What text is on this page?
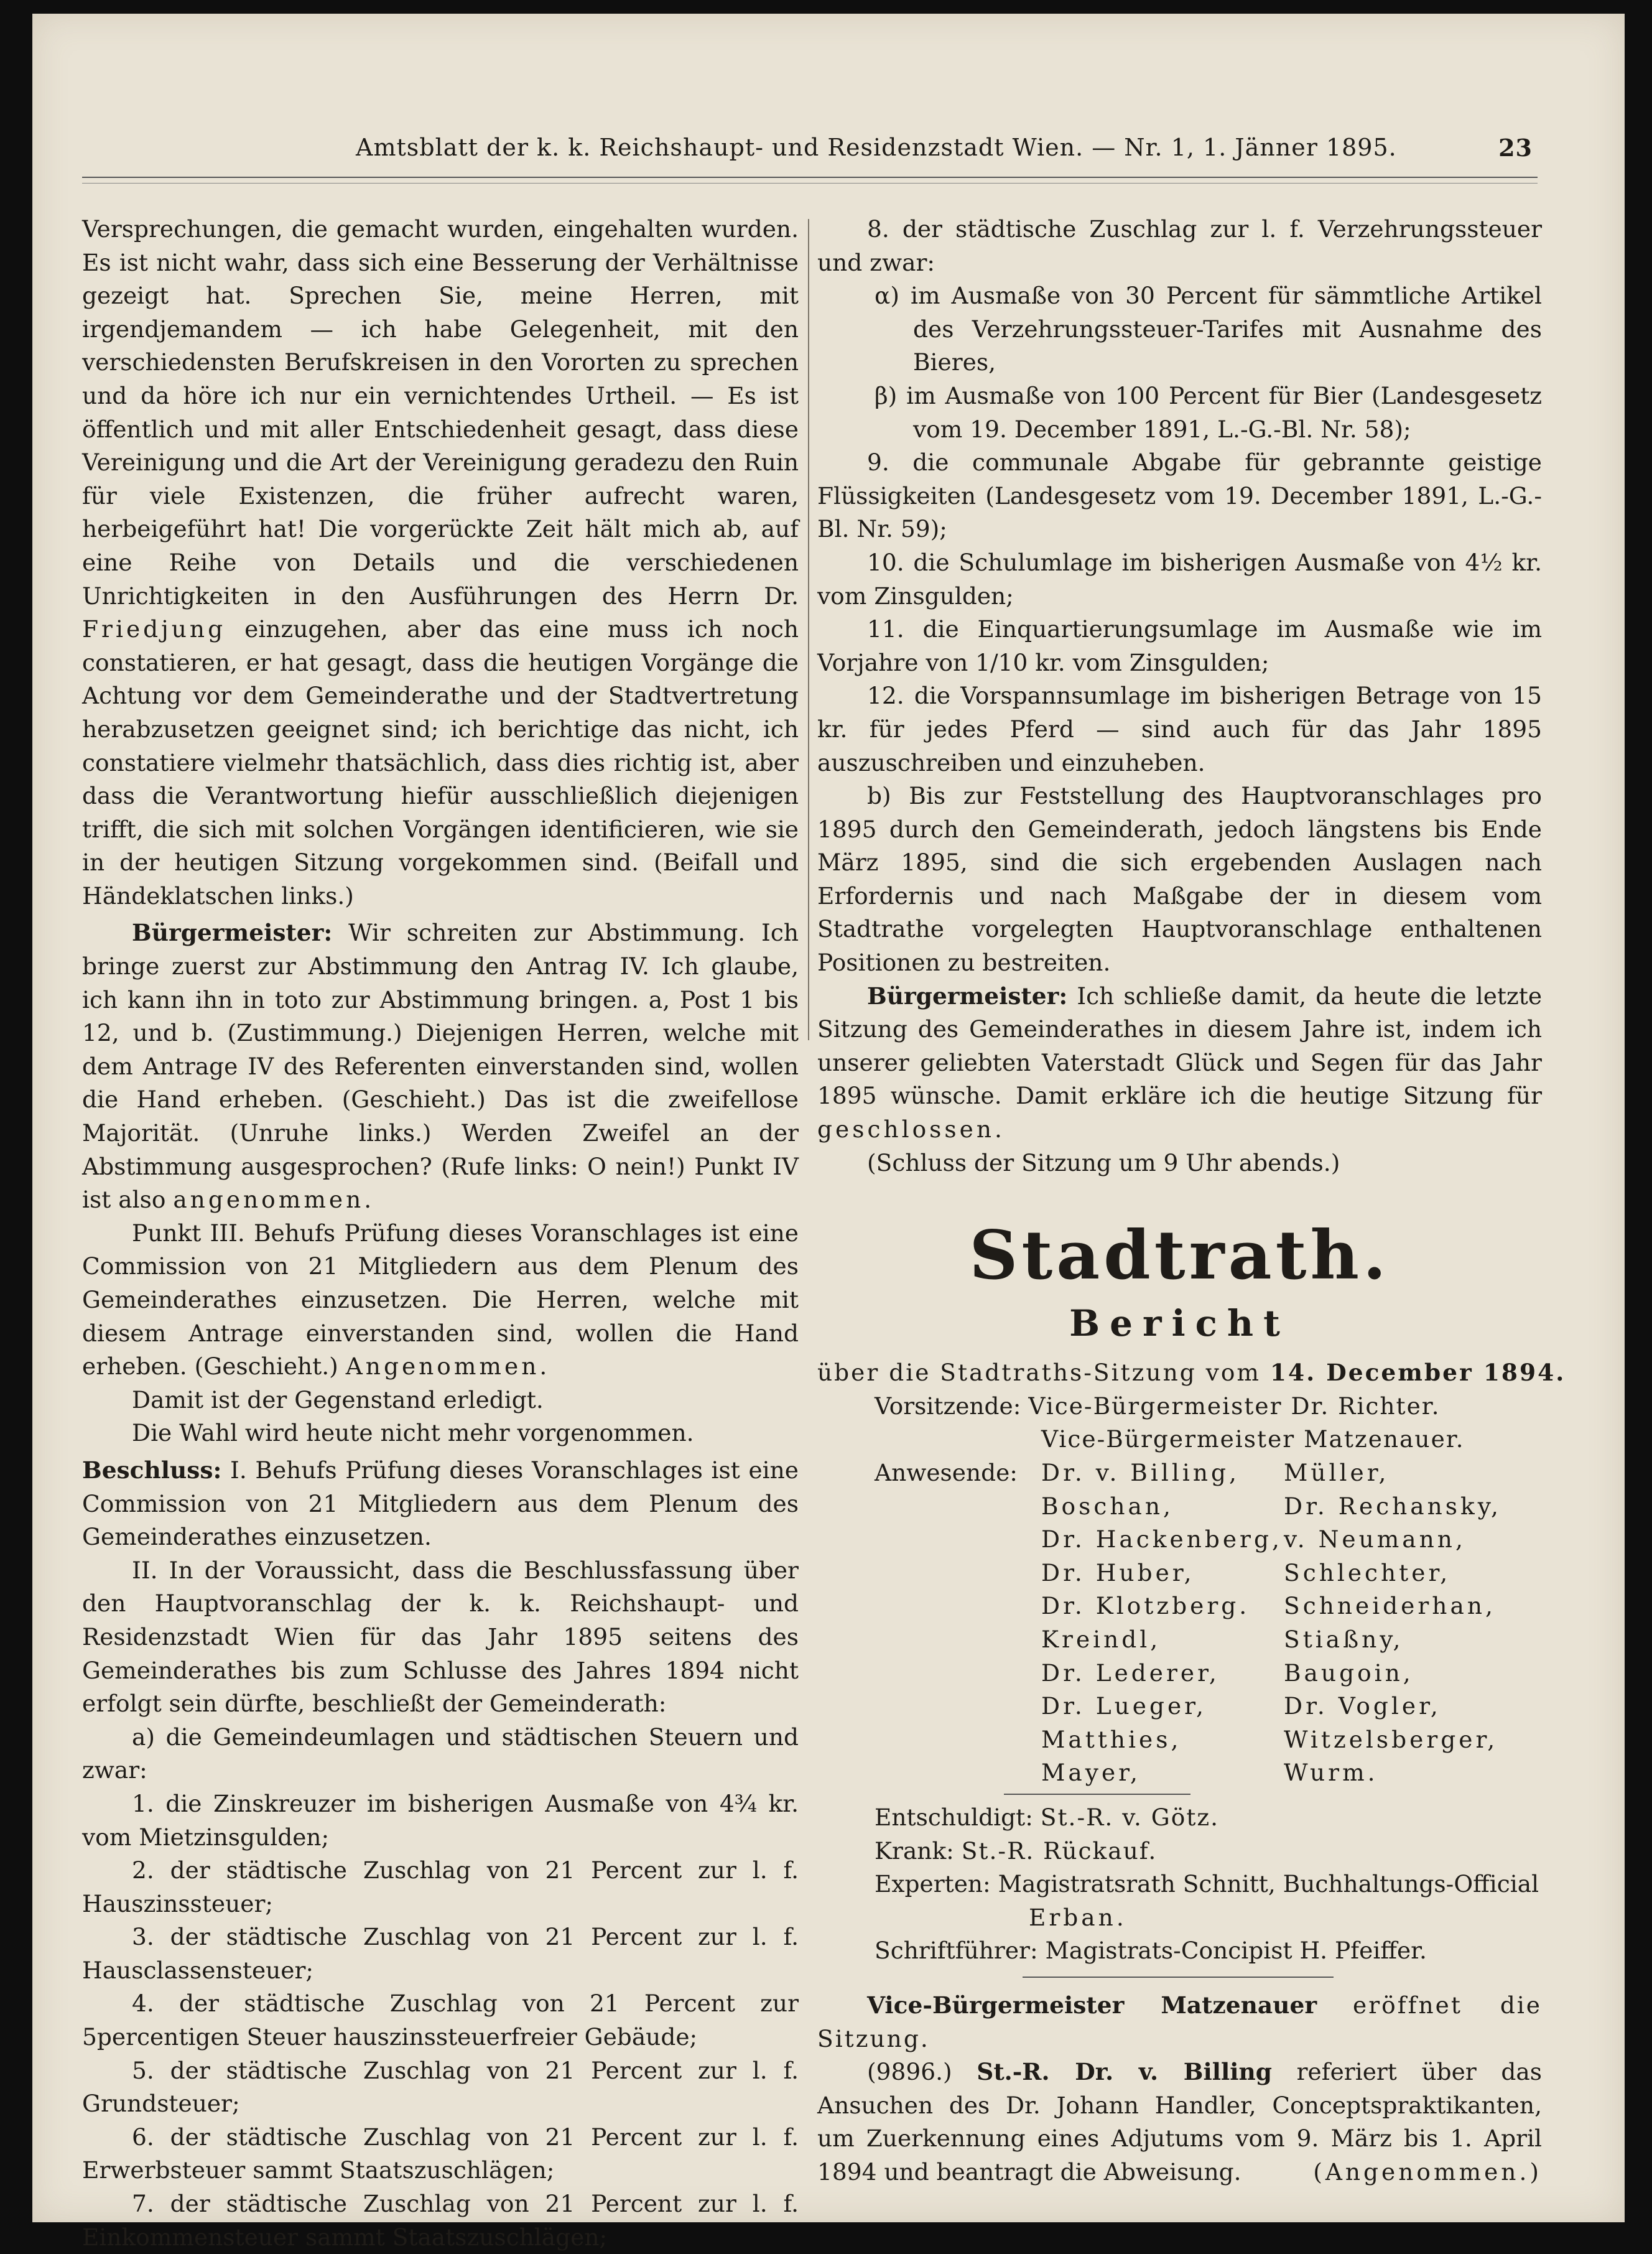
Amtsblatt der k. k. Reichshaupt- und Residenzstadt Wien. — Nr. 1, 1. Jänner 1895.	23

Versprechungen, die gemacht wurden, eingehalten wurden. Es ist nicht wahr, dass sich eine Besserung der Verhältnisse gezeigt hat. Sprechen Sie, meine Herren, mit irgendjemandem — ich habe Gelegenheit, mit den verschiedensten Berufskreisen in den Vororten zu sprechen und da höre ich nur ein vernichtendes Urtheil. — Es ist öffentlich und mit aller Entschiedenheit gesagt, dass diese Vereinigung und die Art der Vereinigung geradezu den Ruin für viele Existenzen, die früher aufrecht waren, herbeigeführt hat! Die vorgerückte Zeit hält mich ab, auf eine Reihe von Details und die verschiedenen Unrichtigkeiten in den Ausführungen des Herrn Dr. Friedjung einzugehen, aber das eine muss ich noch constatieren, er hat gesagt, dass die heutigen Vorgänge die Achtung vor dem Gemeinderathe und der Stadtvertretung herabzusetzen geeignet sind; ich berichtige das nicht, ich constatiere vielmehr thatsächlich, dass dies richtig ist, aber dass die Verantwortung hiefür ausschließlich diejenigen trifft, die sich mit solchen Vorgängen identificieren, wie sie in der heutigen Sitzung vorgekommen sind. (Beifall und Händeklatschen links.)

Bürgermeister: Wir schreiten zur Abstimmung. Ich bringe zuerst zur Abstimmung den Antrag IV. Ich glaube, ich kann ihn in toto zur Abstimmung bringen. a, Post 1 bis 12, und b. (Zustimmung.) Diejenigen Herren, welche mit dem Antrage IV des Referenten einverstanden sind, wollen die Hand erheben. (Geschieht.) Das ist die zweifellose Majorität. (Unruhe links.) Werden Zweifel an der Abstimmung ausgesprochen? (Rufe links: O nein!) Punkt IV ist also angenommen.

Punkt III. Behufs Prüfung dieses Voranschlages ist eine Commission von 21 Mitgliedern aus dem Plenum des Gemeinderathes einzusetzen. Die Herren, welche mit diesem Antrage einverstanden sind, wollen die Hand erheben. (Geschieht.) Angenommen.

Damit ist der Gegenstand erledigt.

Die Wahl wird heute nicht mehr vorgenommen.

Beschluss: I. Behufs Prüfung dieses Voranschlages ist eine Commission von 21 Mitgliedern aus dem Plenum des Gemeinderathes einzusetzen.

II. In der Voraussicht, dass die Beschlussfassung über den Hauptvoranschlag der k. k. Reichshaupt- und Residenzstadt Wien für das Jahr 1895 seitens des Gemeinderathes bis zum Schlusse des Jahres 1894 nicht erfolgt sein dürfte, beschließt der Gemeinderath:

a) die Gemeindeumlagen und städtischen Steuern und zwar:

1. die Zinskreuzer im bisherigen Ausmaße von 4¾ kr. vom Mietzinsgulden;

2. der städtische Zuschlag von 21 Percent zur l. f. Hauszinssteuer;

3. der städtische Zuschlag von 21 Percent zur l. f. Hausclassensteuer;

4. der städtische Zuschlag von 21 Percent zur 5percentigen Steuer hauszinssteuerfreier Gebäude;

5. der städtische Zuschlag von 21 Percent zur l. f. Grundsteuer;

6. der städtische Zuschlag von 21 Percent zur l. f. Erwerbsteuer sammt Staatszuschlägen;

7. der städtische Zuschlag von 21 Percent zur l. f. Einkommensteuer sammt Staatszuschlägen;

8. der städtische Zuschlag zur l. f. Verzehrungssteuer und zwar:

α) im Ausmaße von 30 Percent für sämmtliche Artikel des Verzehrungssteuer-Tarifes mit Ausnahme des Bieres,

β) im Ausmaße von 100 Percent für Bier (Landesgesetz vom 19. December 1891, L.-G.-Bl. Nr. 58);

9. die communale Abgabe für gebrannte geistige Flüssigkeiten (Landesgesetz vom 19. December 1891, L.-G.-Bl. Nr. 59);

10. die Schulumlage im bisherigen Ausmaße von 4½ kr. vom Zinsgulden;

11. die Einquartierungsumlage im Ausmaße wie im Vorjahre von 1/10 kr. vom Zinsgulden;

12. die Vorspannsumlage im bisherigen Betrage von 15 kr. für jedes Pferd — sind auch für das Jahr 1895 auszuschreiben und einzuheben.

b) Bis zur Feststellung des Hauptvoranschlages pro 1895 durch den Gemeinderath, jedoch längstens bis Ende März 1895, sind die sich ergebenden Auslagen nach Erfordernis und nach Maßgabe der in diesem vom Stadtrathe vorgelegten Hauptvoranschlage enthaltenen Positionen zu bestreiten.

Bürgermeister: Ich schließe damit, da heute die letzte Sitzung des Gemeinderathes in diesem Jahre ist, indem ich unserer geliebten Vaterstadt Glück und Segen für das Jahr 1895 wünsche. Damit erkläre ich die heutige Sitzung für geschlossen.

(Schluss der Sitzung um 9 Uhr abends.)

Stadtrath.
Bericht
über die Stadtraths-Sitzung vom 14. December 1894.
Vorsitzende: Vice-Bürgermeister Dr. Richter.
Vice-Bürgermeister Matzenauer.
Anwesende: Dr. v. Billing, Müller,
Boschan,	Dr. Rechansky,
Dr. Hackenberg, v. Neumann,
Dr. Huber,	Schlechter,
Dr. Klotzberg. Schneiderhan,
Kreindl,	Stiaßny,
Dr. Lederer,	Baugoin,
Dr. Lueger,	Dr. Vogler,
Matthies,	Witzelsberger,
Mayer,	Wurm.
Entschuldigt: St.-R. v. Götz.
Krank: St.-R. Rückauf.
Experten: Magistratsrath Schnitt, Buchhaltungs-Official
Erban.
Schriftführer: Magistrats-Concipist H. Pfeiffer.

Vice-Bürgermeister Matzenauer eröffnet die Sitzung.

(9896.) St.-R. Dr. v. Billing referiert über das Ansuchen des Dr. Johann Handler, Conceptspraktikanten, um Zuerkennung eines Adjutums vom 9. März bis 1. April 1894 und beantragt die Abweisung.	(Angenommen.)
